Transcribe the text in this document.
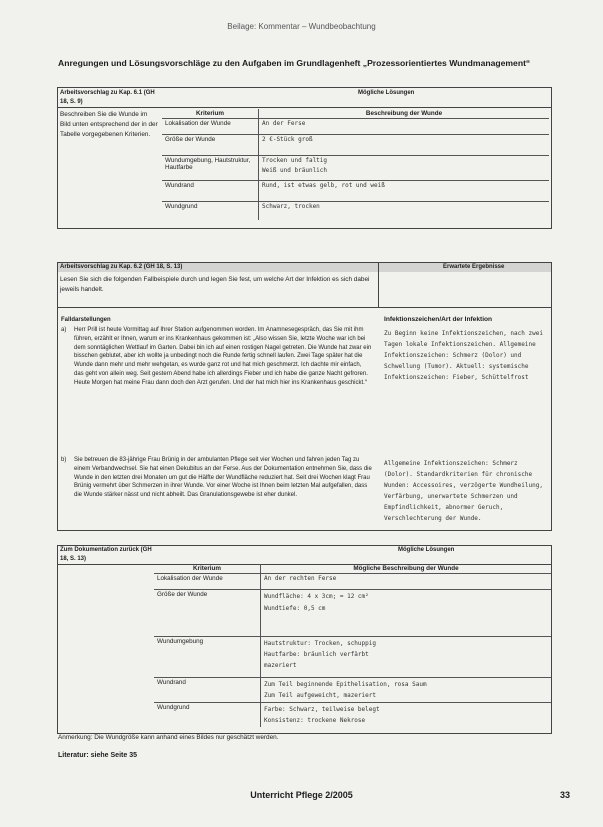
Beilage: Kommentar – Wundbeobachtung
Anregungen und Lösungsvorschläge zu den Aufgaben im Grundlagenheft „Prozessorientiertes Wundmanagement“
Arbeitsvorschlag zu Kap. 6.1 (GH 18, S. 9)
Mögliche Lösungen
Beschreiben Sie die Wunde im Bild unten entsprechend der in der Tabelle vorgegebenen Kriterien.
Kriterium	Beschreibung der Wunde
Lokalisation der Wunde	An der Ferse
Größe der Wunde	2 €-Stück groß
Wundumgebung, Hautstruktur, Hautfarbe	Trocken und faltig
Weiß und bräunlich

Wundrand	Rund, ist etwas gelb, rot und weiß
Wundgrund	Schwarz, trocken
Arbeitsvorschlag zu Kap. 6.2 (GH 18, S. 13)	Erwartete Ergebnisse
Lesen Sie sich die folgenden Fallbeispiele durch und legen Sie fest, um welche Art der Infektion es sich dabei jeweils handelt.
Falldarstellungen	Infektionszeichen/Art der Infektion
a) Herr Prill ist heute Vormittag auf Ihrer Station aufgenommen worden. Im Anamnesegespräch, das Sie mit ihm führen, erzählt er Ihnen, warum er ins Krankenhaus gekommen ist: „Also wissen Sie, letzte Woche war ich bei dem sonntäglichen Wettlauf im Garten. Dabei bin ich auf einen rostigen Nagel getreten. Die Wunde hat zwar ein bisschen geblutet, aber ich wollte ja unbedingt noch die Runde fertig schnell laufen. Zwei Tage später hat die Wunde dann mehr und mehr wehgetan, es wurde ganz rot und hat mich geschmerzt. Ich dachte mir einfach, das geht von allein weg. Seit gestern Abend habe ich allerdings Fieber und ich habe die ganze Nacht gefroren. Heute Morgen hat meine Frau dann doch den Arzt gerufen. Und der hat mich hier ins Krankenhaus geschickt.“
Zu Beginn keine Infektionszeichen, nach zwei Tagen lokale Infektionszeichen. Allgemeine Infektionszeichen: Schmerz (Dolor) und Schwellung (Tumor). Aktuell: systemische Infektionszeichen: Fieber, Schüttelfrost
b) Sie betreuen die 83-jährige Frau Brünig in der ambulanten Pflege seit vier Wochen und fahren jeden Tag zu einem Verbandwechsel. Sie hat einen Dekubitus an der Ferse. Aus der Dokumentation entnehmen Sie, dass die Wunde in den letzten drei Monaten um gut die Hälfte der Wundfläche reduziert hat. Seit drei Wochen klagt Frau Brünig vermehrt über Schmerzen in ihrer Wunde. Vor einer Woche ist Ihnen beim letzten Mal aufgefallen, dass die Wunde stärker nässt und nicht abheilt. Das Granulationsgewebe ist eher dunkel.
Allgemeine Infektionszeichen: Schmerz (Dolor). Standardkriterien für chronische Wunden: Accessoires, verzögerte Wundheilung, Verfärbung, unerwartete Schmerzen und Empfindlichkeit, abnormer Geruch, Verschlechterung der Wunde.
Zum Dokumentation zurück (GH 18, S. 13)
Mögliche Lösungen
Kriterium	Mögliche Beschreibung der Wunde
Lokalisation der Wunde	An der rechten Ferse
Größe der Wunde	Wundfläche: 4 x 3cm; = 12 cm²
Wundtiefe: 0,5 cm

Wundumgebung	Hautstruktur: Trocken, schuppig
Hautfarbe: bräunlich verfärbt
mazeriert

Wundrand	Zum Teil beginnende Epithelisation, rosa Saum
Zum Teil aufgeweicht, mazeriert

Wundgrund	Farbe: Schwarz, teilweise belegt
Konsistenz: trockene Nekrose
Anmerkung: Die Wundgröße kann anhand eines Bildes nur geschätzt werden.
Literatur: siehe Seite 35
Unterricht Pflege 2/2005	33
